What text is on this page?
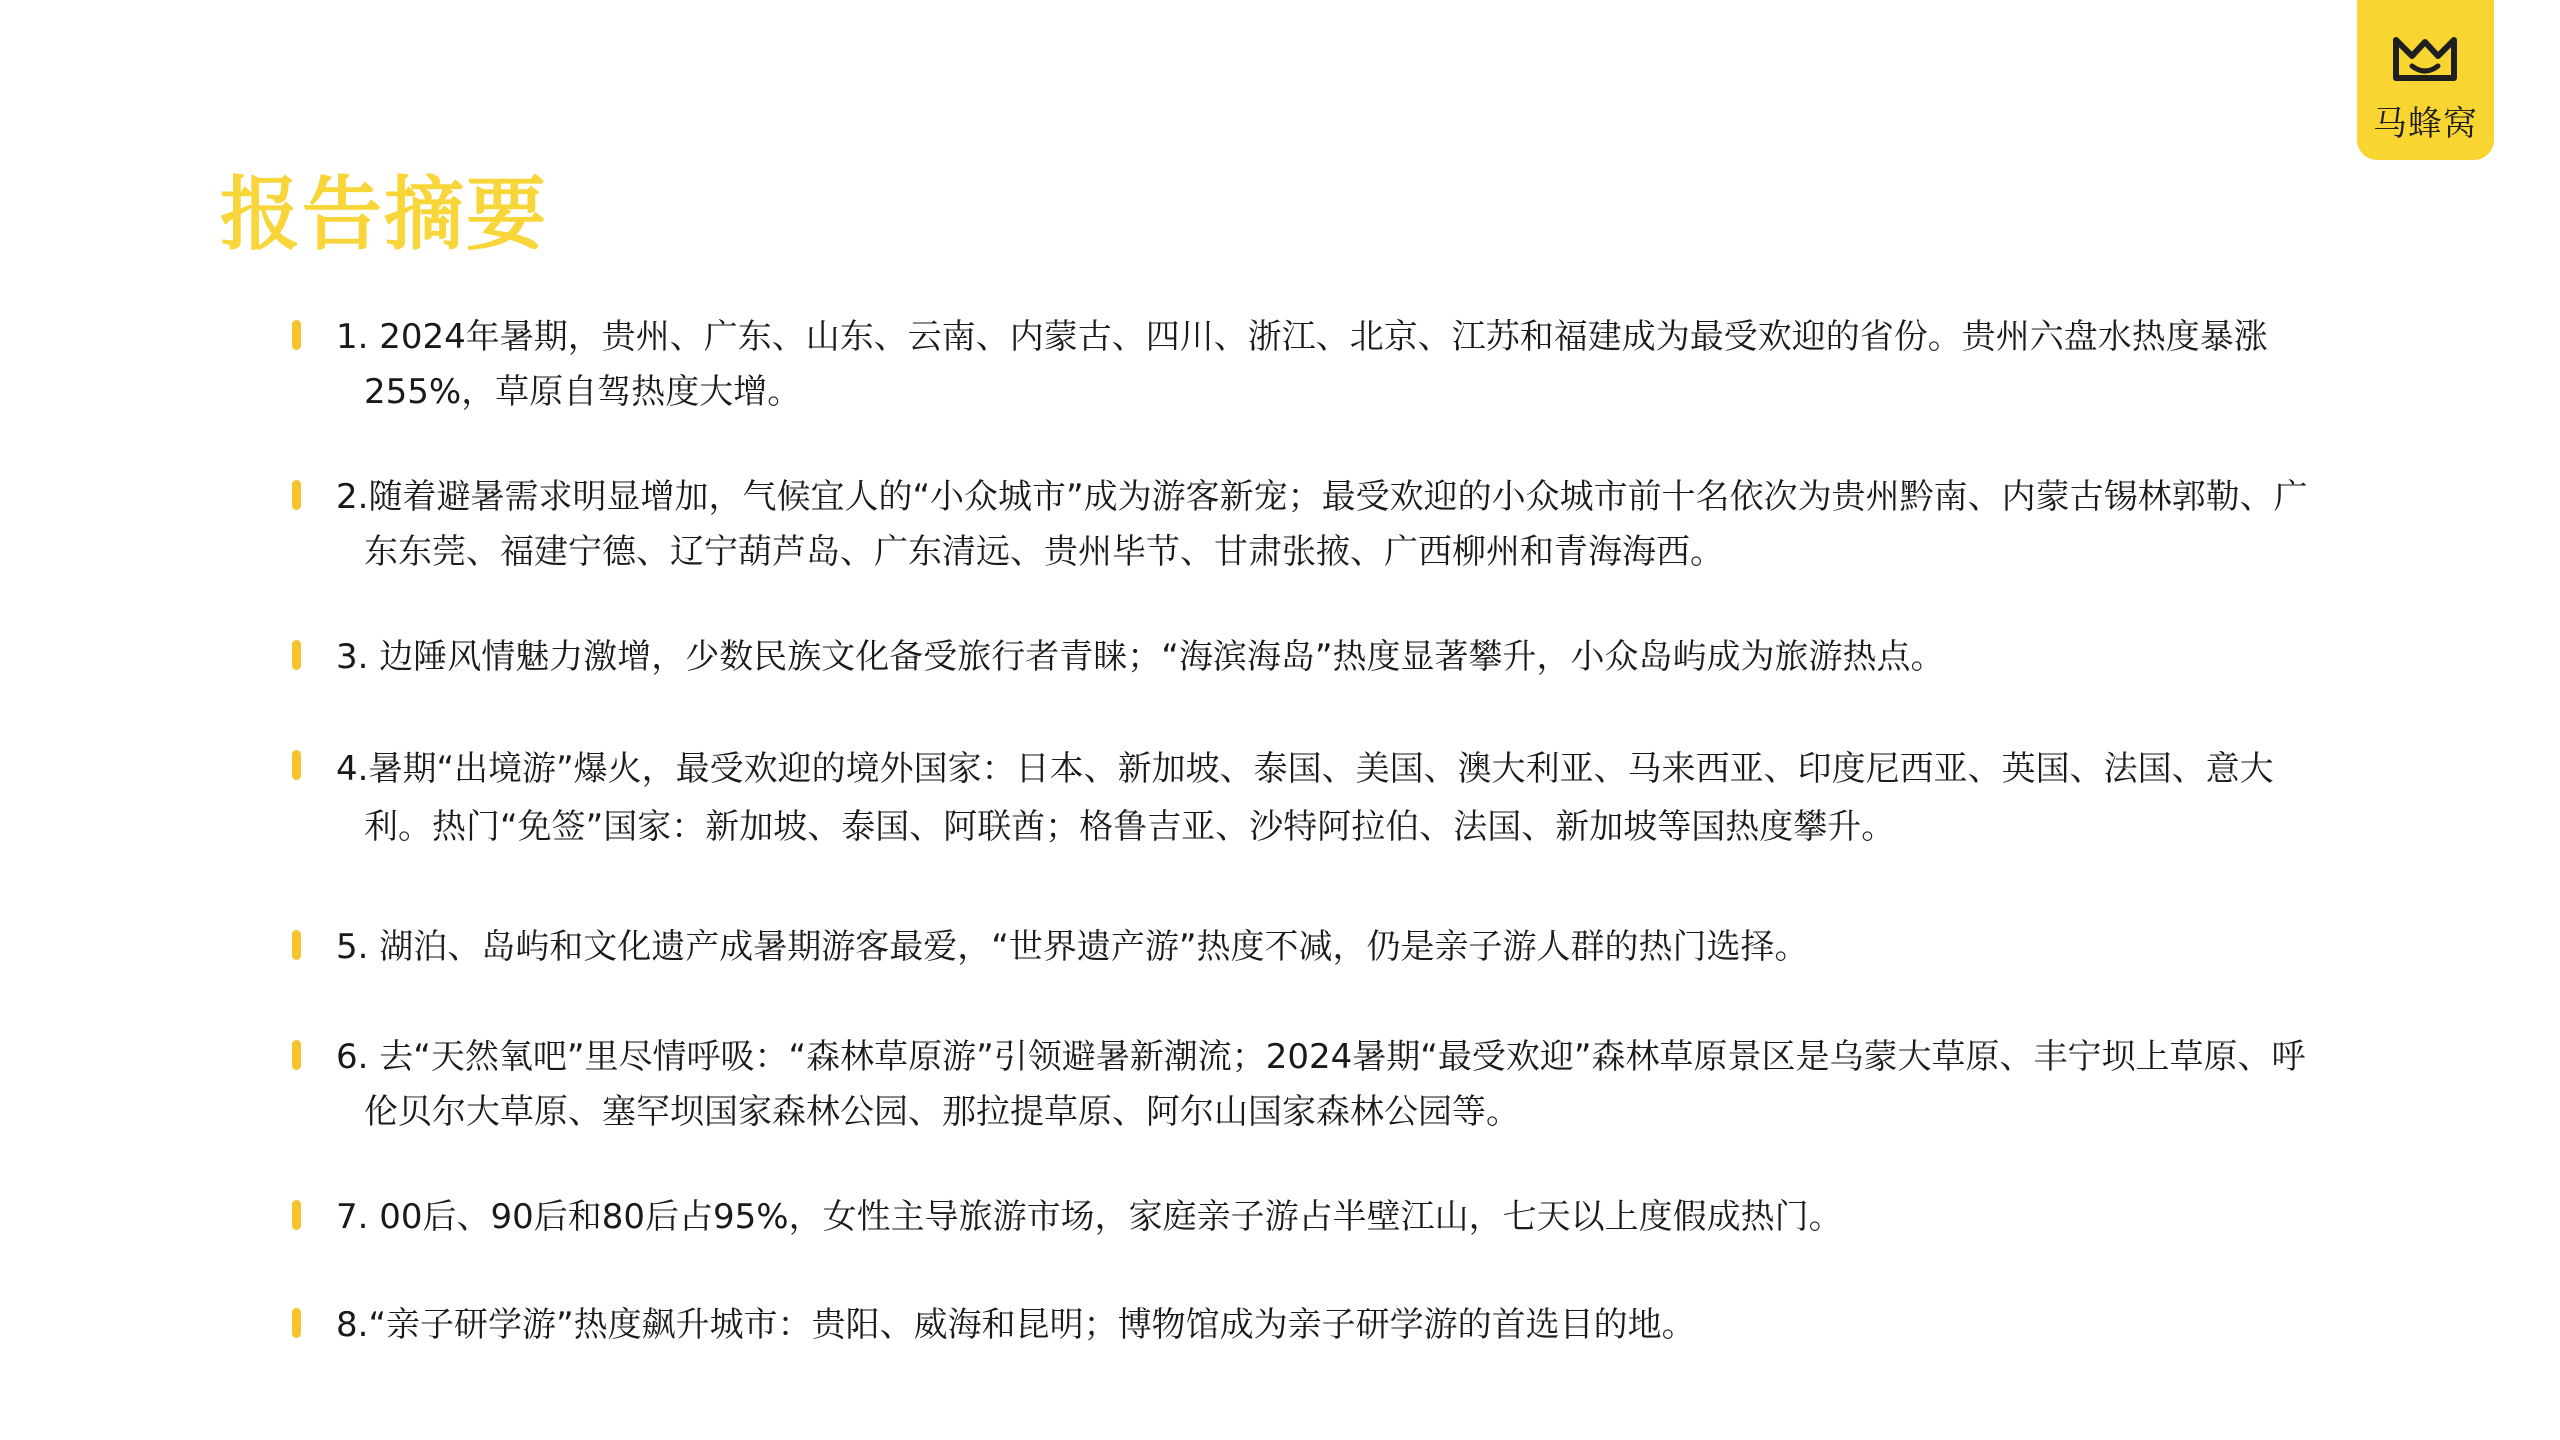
马蜂窝
报告摘要
1. 2024年暑期，贵州、广东、山东、云南、内蒙古、四川、浙江、北京、江苏和福建成为最受欢迎的省份。贵州六盘水热度暴涨255%，草原自驾热度大增。
2.随着避暑需求明显增加，气候宜人的“小众城市”成为游客新宠；最受欢迎的小众城市前十名依次为贵州黔南、内蒙古锡林郭勒、广东东莞、福建宁德、辽宁葫芦岛、广东清远、贵州毕节、甘肃张掖、广西柳州和青海海西。
3. 边陲风情魅力激增，少数民族文化备受旅行者青睐；“海滨海岛”热度显著攀升，小众岛屿成为旅游热点。
4.暑期“出境游”爆火，最受欢迎的境外国家：日本、新加坡、泰国、美国、澳大利亚、马来西亚、印度尼西亚、英国、法国、意大利。热门“免签”国家：新加坡、泰国、阿联酋；格鲁吉亚、沙特阿拉伯、法国、新加坡等国热度攀升。
5. 湖泊、岛屿和文化遗产成暑期游客最爱，“世界遗产游”热度不减，仍是亲子游人群的热门选择。
6. 去“天然氧吧”里尽情呼吸：“森林草原游”引领避暑新潮流；2024暑期“最受欢迎”森林草原景区是乌蒙大草原、丰宁坝上草原、呼伦贝尔大草原、塞罕坝国家森林公园、那拉提草原、阿尔山国家森林公园等。
7. 00后、90后和80后占95%，女性主导旅游市场，家庭亲子游占半壁江山，七天以上度假成热门。
8.“亲子研学游”热度飙升城市：贵阳、威海和昆明；博物馆成为亲子研学游的首选目的地。
